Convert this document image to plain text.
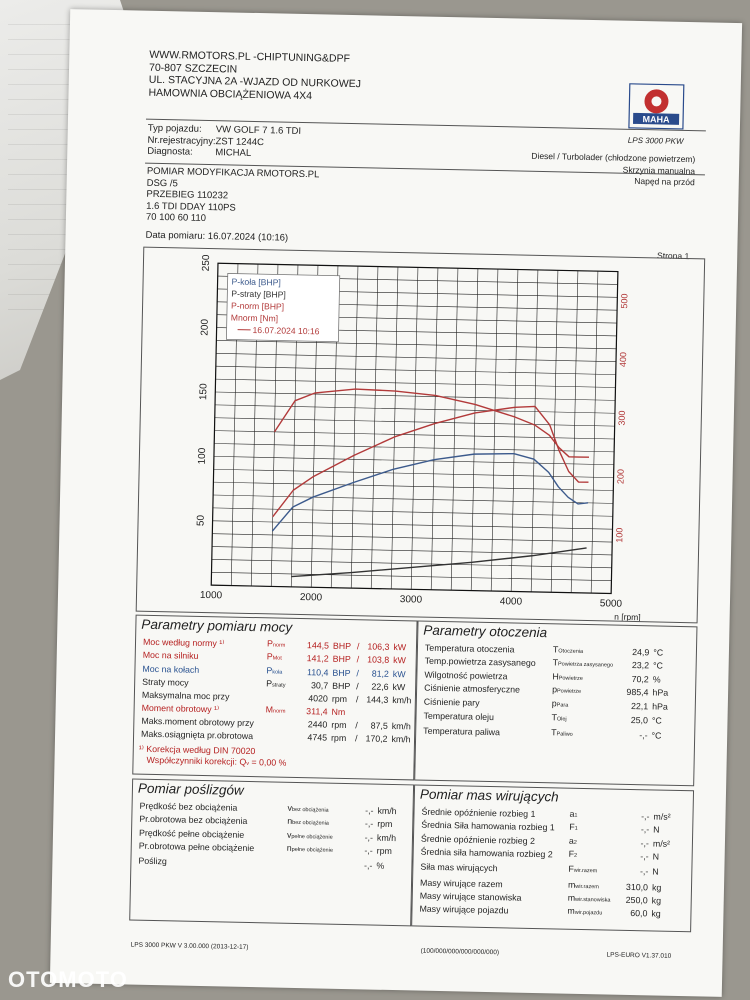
WWW.RMOTORS.PL -CHIPTUNING&DPF
70-807 SZCZECIN
UL. STACYJNA 2A -WJAZD OD NURKOWEJ
HAMOWNIA OBCIĄŻENIOWA 4X4
MAHA
LPS 3000 PKW
Typ pojazdu:	VW GOLF 7 1.6 TDI
Nr.rejestracyjny: ZST 1244C
Diagnosta:	MICHAL	Diesel / Turbolader (chłodzone powietrzem)
Skrzynia manualna
Napęd na przód
POMIAR MODYFIKACJA RMOTORS.PL
DSG /5
PRZEBIEG 110232
1.6 TDI DDAY 110PS
70 100 60 110
Data pomiaru: 16.07.2024 (10:16)
Strona 1
1000	2000	3000	4000	5000
n [rpm]
50
100
150
200
250
100
200
300
400
500
P-koła [BHP]
P-straty [BHP]
P-norm [BHP]
Mnorm [Nm]
16.07.2024 10:16
Parametry pomiaru mocy
Moc według normy ¹⁾	Pnorm	144,5	BHP	/	106,3	kW
Moc na silniku	PMot	141,2	BHP	/	103,8	kW
Moc na kołach	Pkoła	110,4	BHP	/	81,2	kW
Straty mocy	Pstraty	30,7	BHP	/	22,6	kW
Maksymalna moc przy		4020	rpm	/	144,3	km/h
Moment obrotowy ¹⁾	Mnorm	311,4	Nm			
Maks.moment obrotowy przy		2440	rpm	/	87,5	km/h
Maks.osiągnięta pr.obrotowa		4745	rpm	/	170,2	km/h
¹⁾ Korekcja według DIN 70020
Współczynniki korekcji: Qv = 0,00 %
Parametry otoczenia
Temperatura otoczenia	TOtoczenia	24,9	°C
Temp.powietrza zasysanego	TPowietrza zasysanego	23,2	°C
Wilgotność powietrza	HPowietrze	70,2	%
Ciśnienie atmosferyczne	pPowietrze	985,4	hPa
Ciśnienie pary	pPara	22,1	hPa
Temperatura oleju	TOlej	25,0	°C
Temperatura paliwa	TPaliwo	-,-	°C
Pomiar poślizgów
Prędkość bez obciążenia	vbez obciążenia	-,-	km/h
Pr.obrotowa bez obciążenia	nbez obciążenia	-,-	rpm
Prędkość pełne obciążenie	vpełne obciążenie	-,-	km/h
Pr.obrotowa pełne obciążenie	npełne obciążenie	-,-	rpm
Poślizg		-,-	%
Pomiar mas wirujących
Średnie opóźnienie rozbieg 1	a1	-,-	m/s²
Średnia Siła hamowania rozbieg 1	F1	-,-	N
Średnie opóźnienie rozbieg 2	a2	-,-	m/s²
Średnia siła hamowania rozbieg 2	F2	-,-	N
Siła mas wirujących	Fwir.razem	-,-	N
Masy wirujące razem	mwir.razem	310,0	kg
Masy wirujące stanowiska	mwir.stanowiska	250,0	kg
Masy wirujące pojazdu	mwir.pojazdu	60,0	kg
LPS 3000 PKW V 3.00.000 (2013-12-17)
(100/000/000/000/000/000)	LPS-EURO V1.37.010
OTOMOTO
